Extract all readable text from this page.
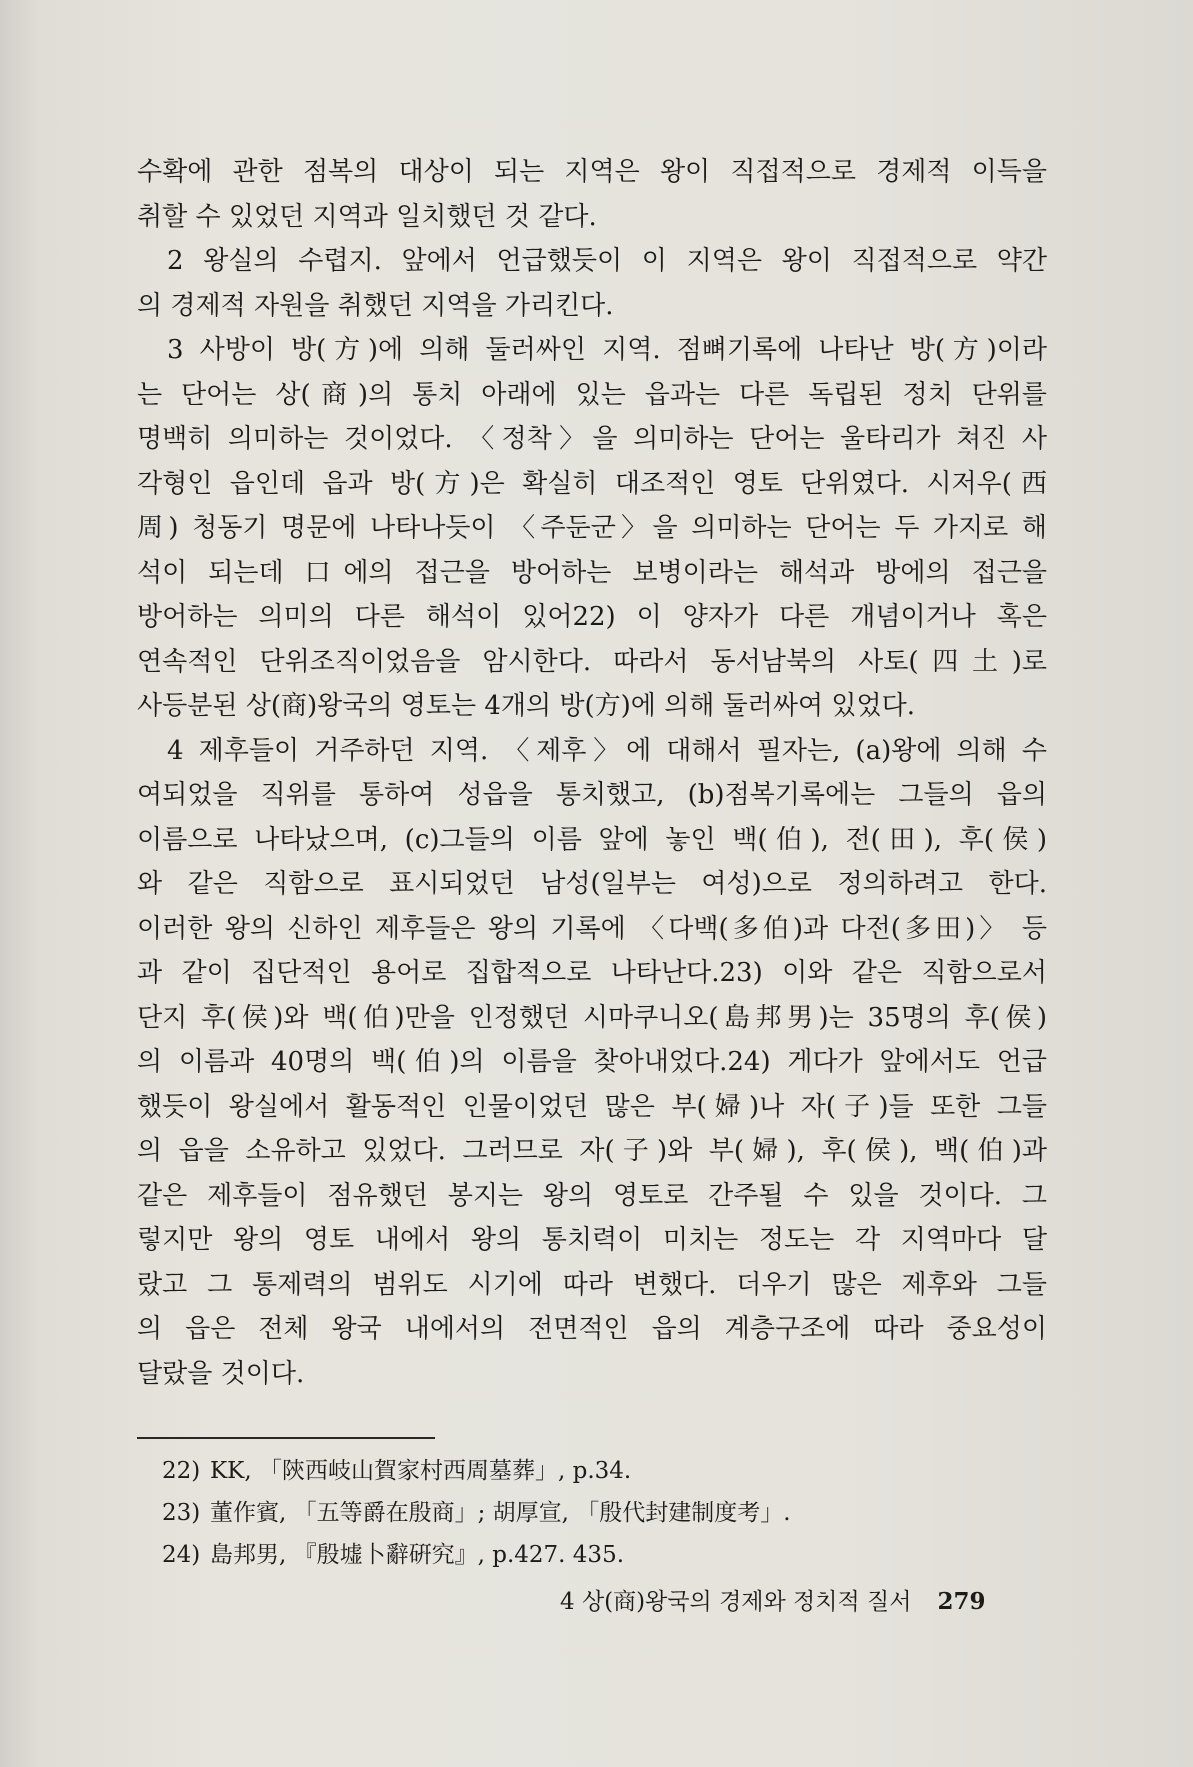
수확에 관한 점복의 대상이 되는 지역은 왕이 직접적으로 경제적 이득을
취할 수 있었던 지역과 일치했던 것 같다.
2 왕실의 수렵지. 앞에서 언급했듯이 이 지역은 왕이 직접적으로 약간
의 경제적 자원을 취했던 지역을 가리킨다.
3 사방이 방(方)에 의해 둘러싸인 지역. 점뼈기록에 나타난 방(方)이라
는 단어는 상(商)의 통치 아래에 있는 읍과는 다른 독립된 정치 단위를
명백히 의미하는 것이었다. 〈정착〉을 의미하는 단어는 울타리가 쳐진 사
각형인 읍인데 읍과 방(方)은 확실히 대조적인 영토 단위였다. 시저우(西
周) 청동기 명문에 나타나듯이 〈주둔군〉을 의미하는 단어는 두 가지로 해
석이 되는데 口에의 접근을 방어하는 보병이라는 해석과 방에의 접근을
방어하는 의미의 다른 해석이 있어22) 이 양자가 다른 개념이거나 혹은
연속적인 단위조직이었음을 암시한다. 따라서 동서남북의 사토(四土)로
사등분된 상(商)왕국의 영토는 4개의 방(方)에 의해 둘러싸여 있었다.
4 제후들이 거주하던 지역. 〈제후〉에 대해서 필자는, (a)왕에 의해 수
여되었을 직위를 통하여 성읍을 통치했고, (b)점복기록에는 그들의 읍의
이름으로 나타났으며, (c)그들의 이름 앞에 놓인 백(伯), 전(田), 후(侯)
와 같은 직함으로 표시되었던 남성(일부는 여성)으로 정의하려고 한다.
이러한 왕의 신하인 제후들은 왕의 기록에 〈다백(多伯)과 다전(多田)〉 등
과 같이 집단적인 용어로 집합적으로 나타난다.23) 이와 같은 직함으로서
단지 후(侯)와 백(伯)만을 인정했던 시마쿠니오(島邦男)는 35명의 후(侯)
의 이름과 40명의 백(伯)의 이름을 찾아내었다.24) 게다가 앞에서도 언급
했듯이 왕실에서 활동적인 인물이었던 많은 부(婦)나 자(子)들 또한 그들
의 읍을 소유하고 있었다. 그러므로 자(子)와 부(婦), 후(侯), 백(伯)과
같은 제후들이 점유했던 봉지는 왕의 영토로 간주될 수 있을 것이다. 그
렇지만 왕의 영토 내에서 왕의 통치력이 미치는 정도는 각 지역마다 달
랐고 그 통제력의 범위도 시기에 따라 변했다. 더우기 많은 제후와 그들
의 읍은 전체 왕국 내에서의 전면적인 읍의 계층구조에 따라 중요성이
달랐을 것이다.
22) KK, 「陝西岐山賀家村西周墓葬」, p.34.
23) 董作賓, 「五等爵在殷商」; 胡厚宣, 「殷代封建制度考」.
24) 島邦男, 『殷墟卜辭硏究』, p.427. 435.
4 상(商)왕국의 경제와 정치적 질서 279
